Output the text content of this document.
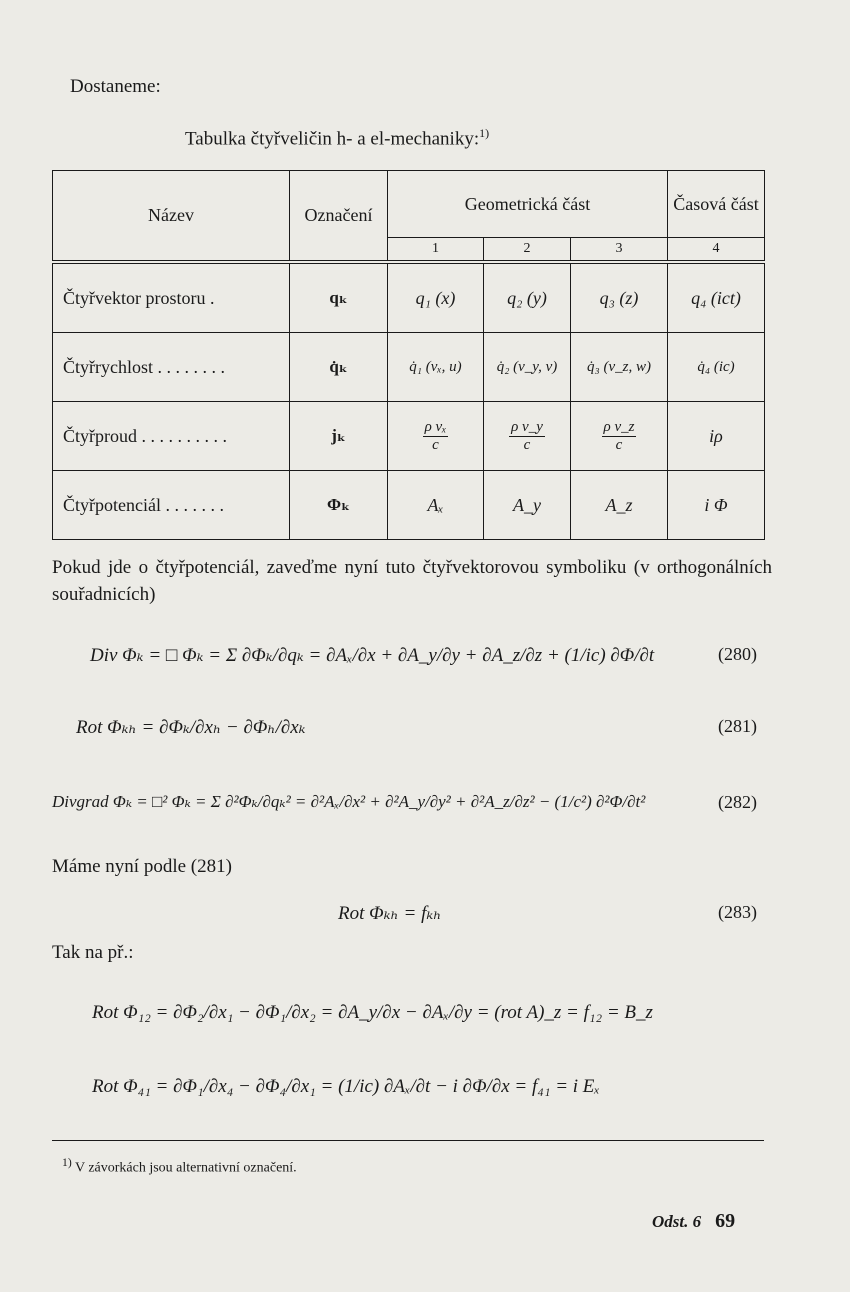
Dostaneme:
Tabulka čtyřveličin h- a el-mechaniky:$^{1)}$
Název	Označení	Geometrická část			Časová část
		1	2	3	4
Čtyřvektor prostoru .	qₖ	q₁ (x)	q₂ (y)	q₃ (z)	q₄ (ict)
Čtyřrychlost . . . . . . . .	q̇ₖ	q̇₁ (vₓ, u)	q̇₂ (v_y, v)	q̇₃ (v_z, w)	q̇₄ (ic)
Čtyřproud . . . . . . . . . .	jₖ	$\frac{\text{ρ vₓ}}{c}$	$\frac{\text{ρ v\_y}}{c}$	$\frac{\text{ρ v\_z}}{c}$	iρ
Čtyřpotenciál . . . . . . .	Φₖ	Aₓ	A_y	A_z	i Φ
Pokud jde o čtyřpotenciál, zaveďme nyní tuto čtyřvektorovou symboliku (v orthogonálních souřadnicích)
Div Φₖ = □ Φₖ = Σ ∂Φₖ/∂qₖ = ∂Aₓ/∂x + ∂A_y/∂y + ∂A_z/∂z + (1/ic) ∂Φ/∂t	(280)
Rot Φₖₕ = ∂Φₖ/∂xₕ − ∂Φₕ/∂xₖ	(281)
Divgrad Φₖ = □² Φₖ = Σ ∂²Φₖ/∂qₖ² = ∂²Aₓ/∂x² + ∂²A_y/∂y² + ∂²A_z/∂z² − (1/c²) ∂²Φ/∂t²	(282)
Máme nyní podle (281)
Rot Φₖₕ = fₖₕ	(283)
Tak na př.:
Rot Φ₁₂ = ∂Φ₂/∂x₁ − ∂Φ₁/∂x₂ = ∂A_y/∂x − ∂Aₓ/∂y = (rot A)_z = f₁₂ = B_z
Rot Φ₄₁ = ∂Φ₁/∂x₄ − ∂Φ₄/∂x₁ = (1/ic) ∂Aₓ/∂t − i ∂Φ/∂x = f₄₁ = i Eₓ
$^{1)}$ V závorkách jsou alternativní označení.
Odst. 6 69
